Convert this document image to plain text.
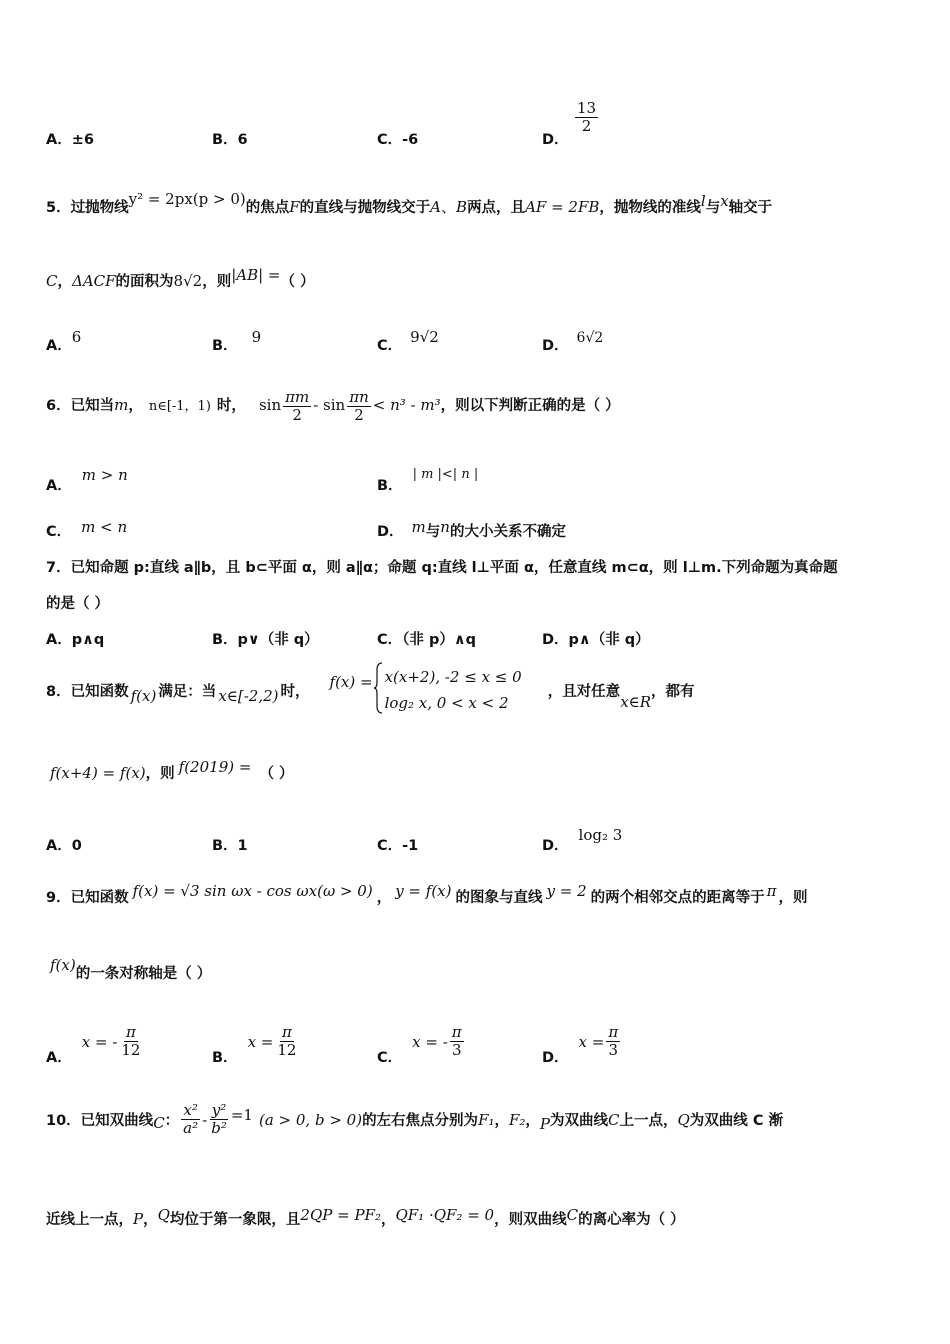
A．±6	B．6	C．-6	D．
$\frac{13}{2}$
5．过抛物线y² = 2px(p > 0)的焦点F的直线与抛物线交于A、B两点，且AF = 2FB，抛物线的准线l与x轴交于
C，ΔACF的面积为8√2，则|AB| =（ ）
A．6	B． 9	C． 9√2	D． 6√2
6．已知当m， n∈[-1，1) 时， $\sin \frac{\pi m}{2} - \sin \frac{\pi n}{2} < n^3 - m^3$，则以下判断正确的是（ ）
A．m > n
B．| m |<| n |
C． m < n	D． m与n的大小关系不确定
7．已知命题 p:直线 a∥b，且 b⊂平面 α，则 a∥α；命题 q:直线 l⊥平面 α，任意直线 m⊂α，则 l⊥m.下列命题为真命题
的是（ ）
A．p∧q	B．p∨（非 q）	C．（非 p）∧q	D．p∧（非 q）
8．已知函数 f(x) 满足：当 x∈[-2,2) 时，
f(x) = x(x+2), -2 ≤ x ≤ 0
log₂ x, 0 < x < 2
，且对任意
x∈R
，都有
f(x+4) = f(x)，则 f(2019) = （ ）
A．0	B．1	C．-1	D．log₂ 3
9．已知函数 f(x) = √3 sin ωx - cos ωx(ω > 0) ， y = f(x) 的图象与直线 y = 2 的两个相邻交点的距离等于 π ，则
f(x)的一条对称轴是（ ）
A．
x = - $\frac{\pi}{12}$	B．
$x = \frac{\pi}{12}$	C．
x = - $\frac{\pi}{3}$	D．
$x = \frac{\pi}{3}$
10．已知双曲线 C ： $\frac{\text{x²}}{\text{a²}} - \frac{\text{y²}}{\text{b²}} =1$ (a > 0, b > 0) 的左右焦点分别为 F₁ ， F₂ ， P 为双曲线 C 上一点， Q 为双曲线 C 渐
近线上一点，P，Q均位于第一象限，且2QP = PF₂，QF₁ ·QF₂ = 0，则双曲线C的离心率为（ ）
